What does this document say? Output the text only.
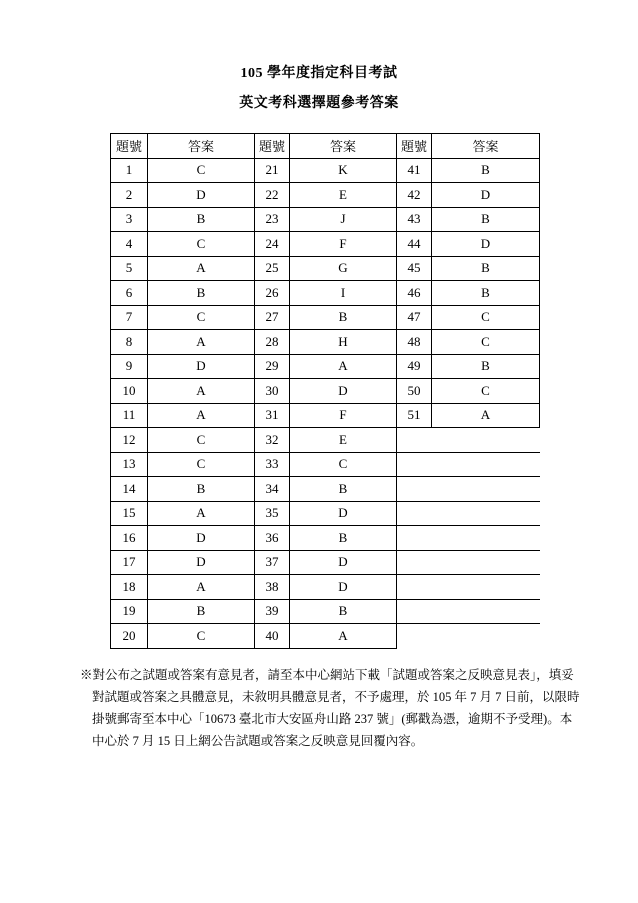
105 學年度指定科目考試
英文考科選擇題參考答案
題號	答案	題號	答案	題號	答案
1	C	21	K	41	B
2	D	22	E	42	D
3	B	23	J	43	B
4	C	24	F	44	D
5	A	25	G	45	B
6	B	26	I	46	B
7	C	27	B	47	C
8	A	28	H	48	C
9	D	29	A	49	B
10	A	30	D	50	C
11	A	31	F	51	A
12	C	32	E		
13	C	33	C		
14	B	34	B		
15	A	35	D		
16	D	36	B		
17	D	37	D		
18	A	38	D		
19	B	39	B		
20	C	40	A		
※對公布之試題或答案有意見者，請至本中心網站下載「試題或答案之反映意見表」，填妥對試題或答案之具體意見，未敘明具體意見者，不予處理，於 105 年 7 月 7 日前，以限時掛號郵寄至本中心「10673 臺北市大安區舟山路 237 號」(郵戳為憑，逾期不予受理)。本中心於 7 月 15 日上網公告試題或答案之反映意見回覆內容。
